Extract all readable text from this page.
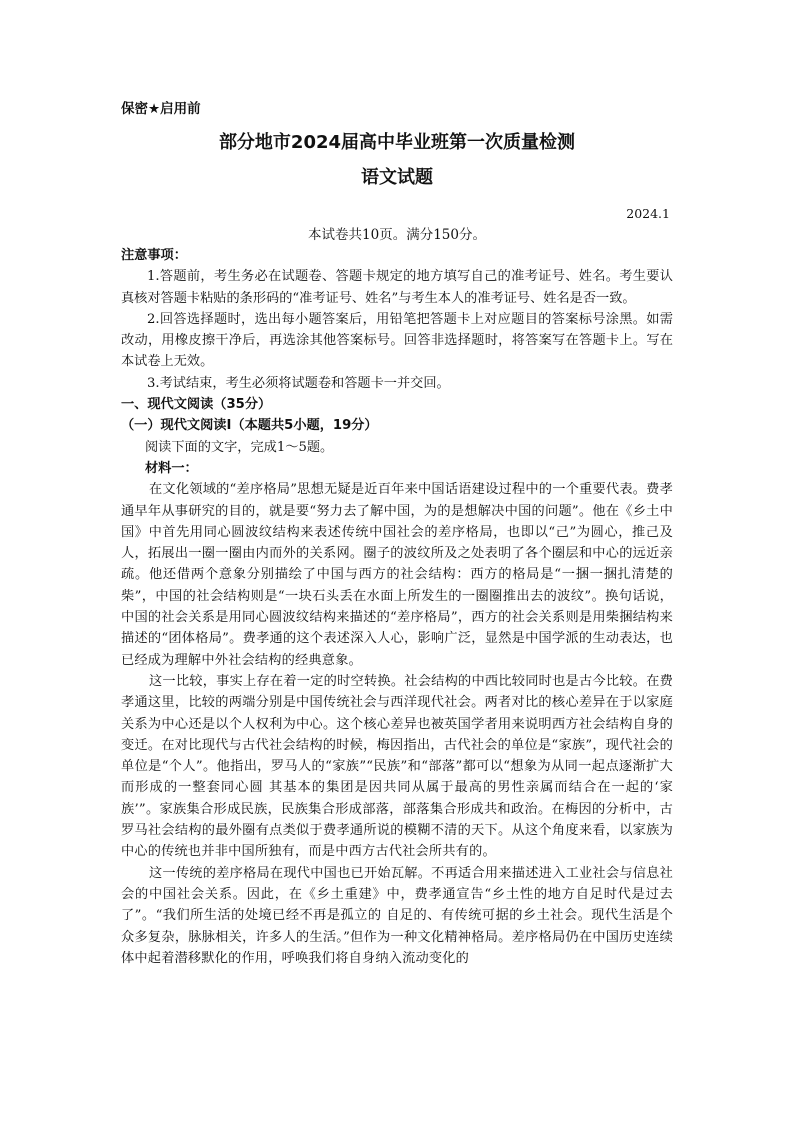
保密★启用前
部分地市2024届高中毕业班第一次质量检测
语文试题
2024.1
本试卷共10页。满分150分。

注意事项：

1.答题前，考生务必在试题卷、答题卡规定的地方填写自己的准考证号、姓名。考生要认真核对答题卡粘贴的条形码的“准考证号、姓名”与考生本人的准考证号、姓名是否一致。

2.回答选择题时，选出每小题答案后，用铅笔把答题卡上对应题目的答案标号涂黑。如需改动，用橡皮擦干净后，再选涂其他答案标号。回答非选择题时，将答案写在答题卡上。写在本试卷上无效。

3.考试结束，考生必须将试题卷和答题卡一并交回。

一、现代文阅读（35分）

（一）现代文阅读Ⅰ（本题共5小题，19分）

阅读下面的文字，完成1～5题。

材料一：

在文化领域的“差序格局”思想无疑是近百年来中国话语建设过程中的一个重要代表。费孝通早年从事研究的目的，就是要“努力去了解中国，为的是想解决中国的问题”。他在《乡土中国》中首先用同心圆波纹结构来表述传统中国社会的差序格局，也即以“己”为圆心，推己及人，拓展出一圈一圈由内而外的关系网。圈子的波纹所及之处表明了各个圈层和中心的远近亲疏。他还借两个意象分别描绘了中国与西方的社会结构：西方的格局是“一捆一捆扎清楚的柴”，中国的社会结构则是“一块石头丢在水面上所发生的一圈圈推出去的波纹”。换句话说，中国的社会关系是用同心圆波纹结构来描述的“差序格局”，西方的社会关系则是用柴捆结构来描述的“团体格局”。费孝通的这个表述深入人心，影响广泛，显然是中国学派的生动表达，也已经成为理解中外社会结构的经典意象。

这一比较，事实上存在着一定的时空转换。社会结构的中西比较同时也是古今比较。在费孝通这里，比较的两端分别是中国传统社会与西洋现代社会。两者对比的核心差异在于以家庭关系为中心还是以个人权利为中心。这个核心差异也被英国学者用来说明西方社会结构自身的变迁。在对比现代与古代社会结构的时候，梅因指出，古代社会的单位是“家族”，现代社会的单位是“个人”。他指出，罗马人的“家族”“民族”和“部落”都可以“想象为从同一起点逐渐扩大而形成的一整套同心圆 其基本的集团是因共同从属于最高的男性亲属而结合在一起的‘家族’”。家族集合形成民族，民族集合形成部落，部落集合形成共和政治。在梅因的分析中，古罗马社会结构的最外圈有点类似于费孝通所说的模糊不清的天下。从这个角度来看，以家族为中心的传统也并非中国所独有，而是中西方古代社会所共有的。

这一传统的差序格局在现代中国也已开始瓦解。不再适合用来描述进入工业社会与信息社会的中国社会关系。因此，在《乡土重建》中，费孝通宣告“乡土性的地方自足时代是过去了”。“我们所生活的处境已经不再是孤立的 自足的、有传统可据的乡土社会。现代生活是个众多复杂，脉脉相关，许多人的生活。”但作为一种文化精神格局。差序格局仍在中国历史连续体中起着潜移默化的作用，呼唤我们将自身纳入流动变化的
